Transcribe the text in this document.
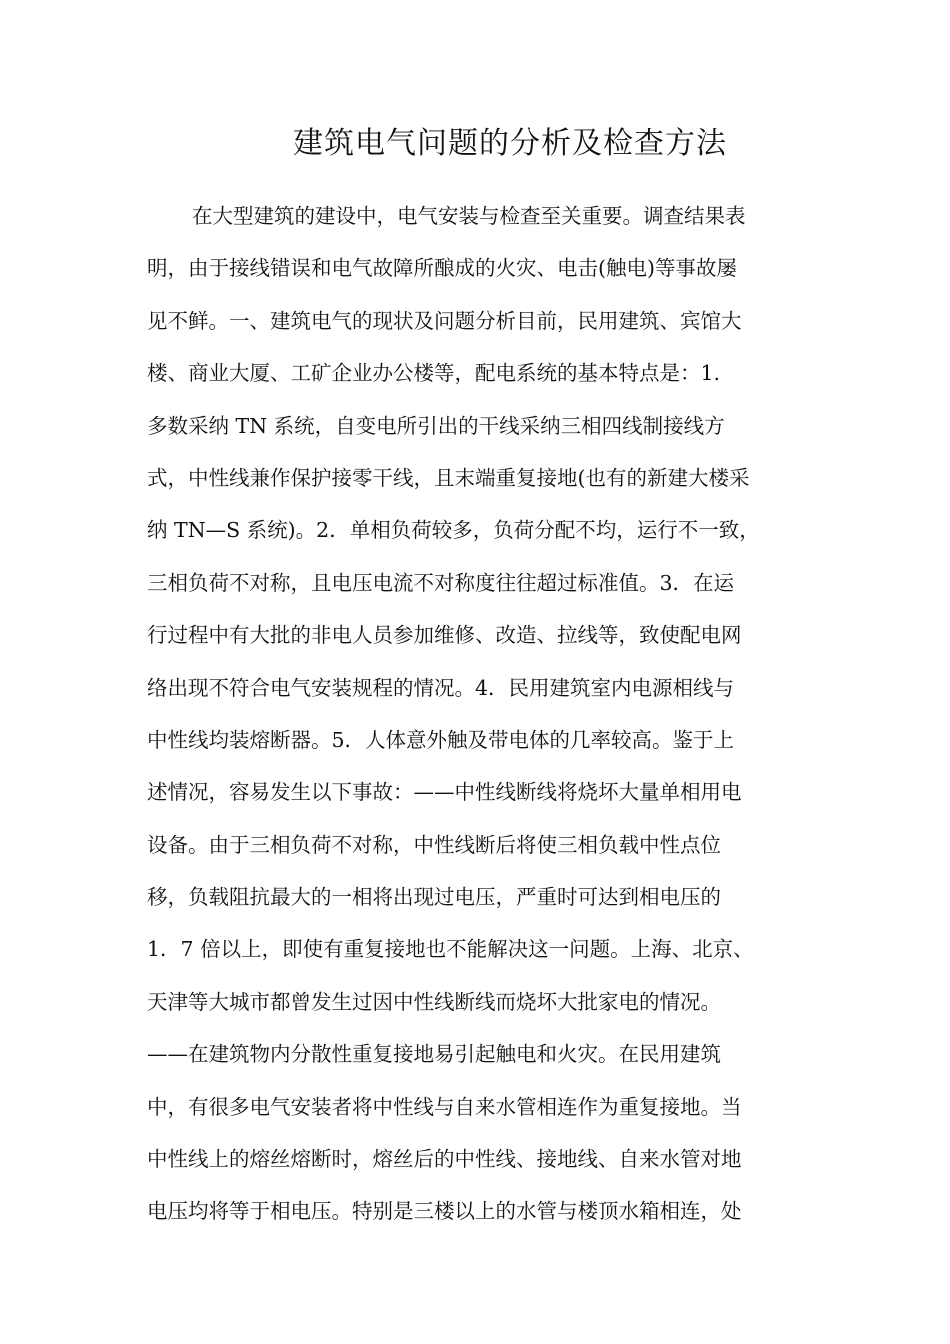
建筑电气问题的分析及检查方法
在大型建筑的建设中，电气安装与检查至关重要。调查结果表
明，由于接线错误和电气故障所酿成的火灾、电击(触电)等事故屡
见不鲜。一、建筑电气的现状及问题分析目前，民用建筑、宾馆大
楼、商业大厦、工矿企业办公楼等，配电系统的基本特点是：1.
多数采纳 TN 系统，自变电所引出的干线采纳三相四线制接线方
式，中性线兼作保护接零干线，且末端重复接地(也有的新建大楼采
纳 TN—S 系统)。2．单相负荷较多，负荷分配不均，运行不一致，
三相负荷不对称，且电压电流不对称度往往超过标准值。3．在运
行过程中有大批的非电人员参加维修、改造、拉线等，致使配电网
络出现不符合电气安装规程的情况。4．民用建筑室内电源相线与
中性线均装熔断器。5．人体意外触及带电体的几率较高。鉴于上
述情况，容易发生以下事故：——中性线断线将烧坏大量单相用电
设备。由于三相负荷不对称，中性线断后将使三相负载中性点位
移，负载阻抗最大的一相将出现过电压，严重时可达到相电压的
1．7 倍以上，即使有重复接地也不能解决这一问题。上海、北京、
天津等大城市都曾发生过因中性线断线而烧坏大批家电的情况。
——在建筑物内分散性重复接地易引起触电和火灾。在民用建筑
中，有很多电气安装者将中性线与自来水管相连作为重复接地。当
中性线上的熔丝熔断时，熔丝后的中性线、接地线、自来水管对地
电压均将等于相电压。特别是三楼以上的水管与楼顶水箱相连，处
